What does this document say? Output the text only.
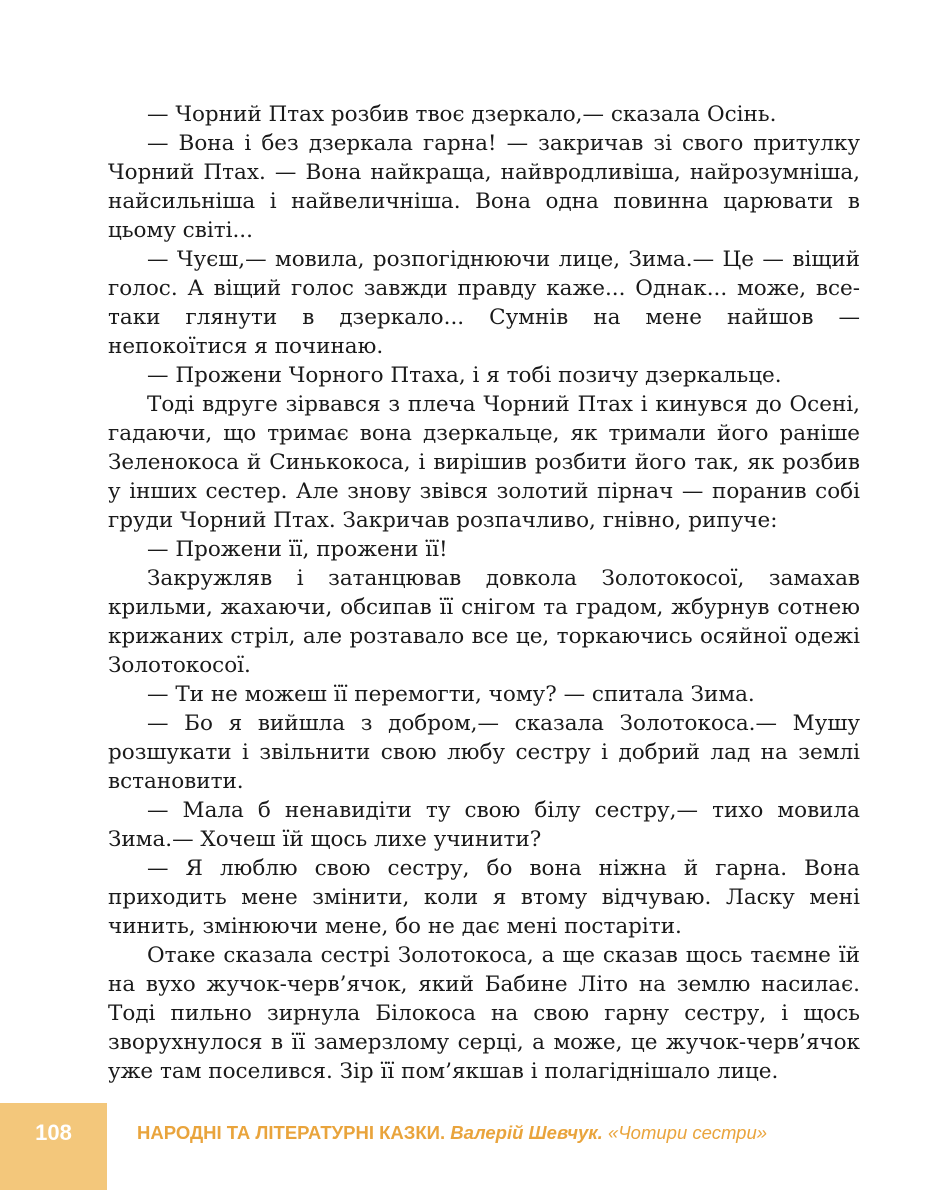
— Чорний Птах розбив твоє дзеркало,— сказала Осінь.

— Вона і без дзеркала гарна! — закричав зі свого притулку Чорний Птах. — Вона найкраща, найвродливіша, найрозумніша, найсильніша і найвеличніша. Вона одна повинна царювати в цьому світі...

— Чуєш,— мовила, розпогіднюючи лице, Зима.— Це — віщий голос. А віщий голос завжди правду каже... Однак... може, все-таки глянути в дзеркало... Сумнів на мене найшов — непокоїтися я починаю.

— Прожени Чорного Птаха, і я тобі позичу дзеркальце.

Тоді вдруге зірвався з плеча Чорний Птах і кинувся до Осені, гадаючи, що тримає вона дзеркальце, як тримали його раніше Зеленокоса й Синькокоса, і вирішив розбити його так, як розбив у інших сестер. Але знову звівся золотий пірнач — поранив собі груди Чорний Птах. Закричав розпачливо, гнівно, рипуче:

— Прожени її, прожени її!

Закружляв і затанцював довкола Золотокосої, замахав крильми, жахаючи, обсипав її снігом та градом, жбурнув сотнею крижаних стріл, але розтавало все це, торкаючись осяйної одежі Золотокосої.

— Ти не можеш її перемогти, чому? — спитала Зима.

— Бо я вийшла з добром,— сказала Золотокоса.— Мушу розшукати і звільнити свою любу сестру і добрий лад на землі встановити.

— Мала б ненавидіти ту свою білу сестру,— тихо мовила Зима.— Хочеш їй щось лихе учинити?

— Я люблю свою сестру, бо вона ніжна й гарна. Вона приходить мене змінити, коли я втому відчуваю. Ласку мені чинить, змінюючи мене, бо не дає мені постаріти.

Отаке сказала сестрі Золотокоса, а ще сказав щось таємне їй на вухо жучок-черв’ячок, який Бабине Літо на землю насилає. Тоді пильно зирнула Білокоса на свою гарну сестру, і щось зворухнулося в її замерзлому серці, а може, це жучок-черв’ячок уже там поселився. Зір її пом’якшав і полагіднішало лице.

108	НАРОДНІ ТА ЛІТЕРАТУРНІ КАЗКИ. Валерій Шевчук. «Чотири сестри»
